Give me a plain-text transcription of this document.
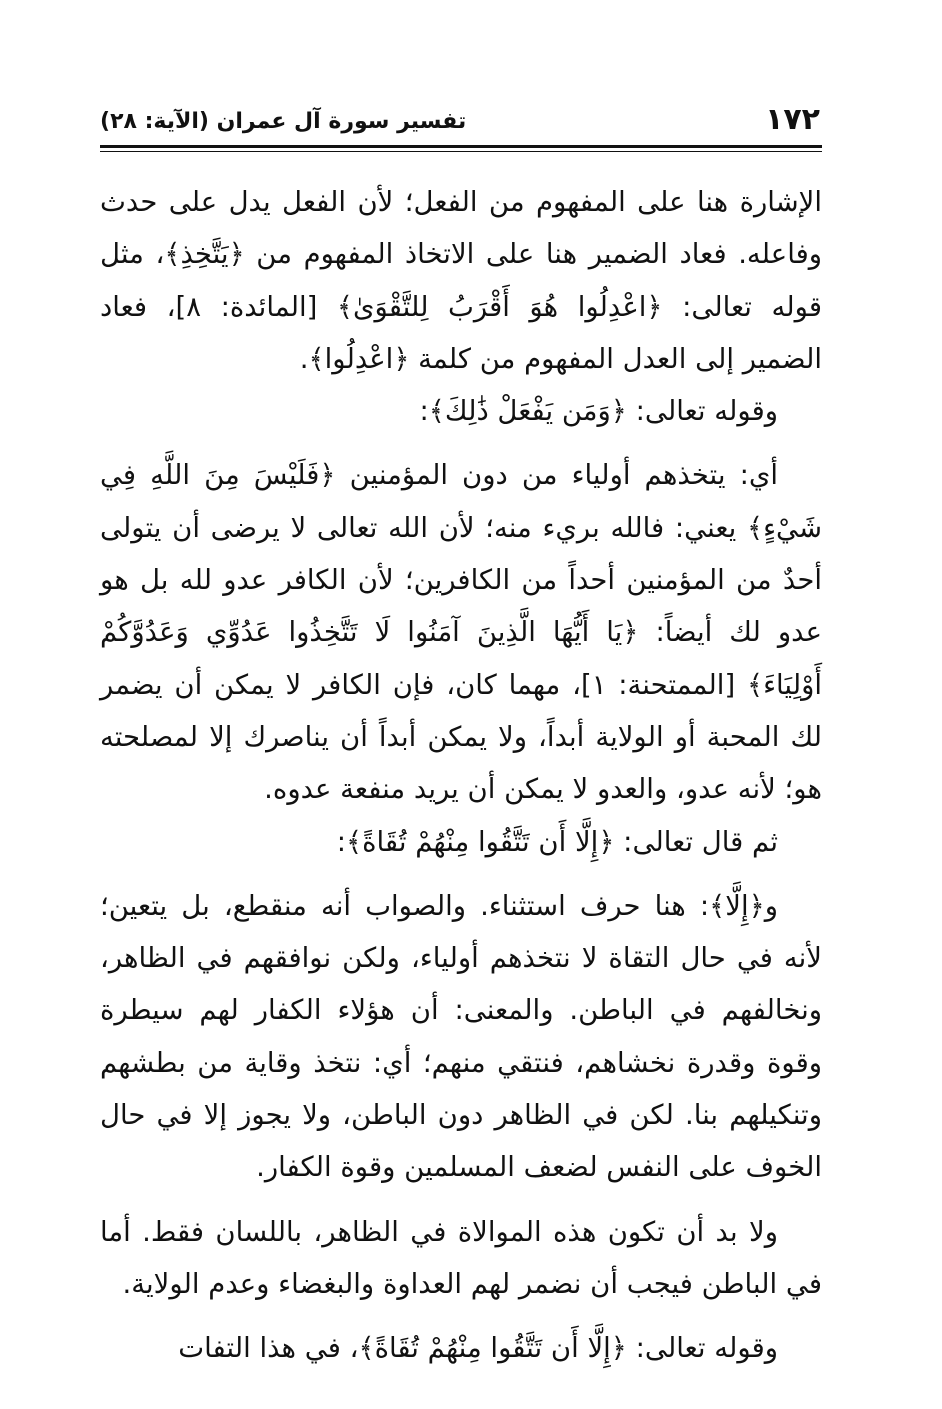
١٧٢
تفسير سورة آل عمران (الآية: ٢٨)

الإشارة هنا على المفهوم من الفعل؛ لأن الفعل يدل على حدث وفاعله. فعاد الضمير هنا على الاتخاذ المفهوم من ﴿يَتَّخِذِ﴾، مثل قوله تعالى: ﴿اعْدِلُوا هُوَ أَقْرَبُ لِلتَّقْوَىٰ﴾ [المائدة: ٨]، فعاد الضمير إلى العدل المفهوم من كلمة ﴿اعْدِلُوا﴾.

وقوله تعالى: ﴿وَمَن يَفْعَلْ ذَٰلِكَ﴾:

أي: يتخذهم أولياء من دون المؤمنين ﴿فَلَيْسَ مِنَ اللَّهِ فِي شَيْءٍ﴾ يعني: فالله بريء منه؛ لأن الله تعالى لا يرضى أن يتولى أحدٌ من المؤمنين أحداً من الكافرين؛ لأن الكافر عدو لله بل هو عدو لك أيضاً: ﴿يَا أَيُّهَا الَّذِينَ آمَنُوا لَا تَتَّخِذُوا عَدُوِّي وَعَدُوَّكُمْ أَوْلِيَاءَ﴾ [الممتحنة: ١]، مهما كان، فإن الكافر لا يمكن أن يضمر لك المحبة أو الولاية أبداً، ولا يمكن أبداً أن يناصرك إلا لمصلحته هو؛ لأنه عدو، والعدو لا يمكن أن يريد منفعة عدوه.

ثم قال تعالى: ﴿إِلَّا أَن تَتَّقُوا مِنْهُمْ تُقَاةً﴾:

و﴿إِلَّا﴾: هنا حرف استثناء. والصواب أنه منقطع، بل يتعين؛ لأنه في حال التقاة لا نتخذهم أولياء، ولكن نوافقهم في الظاهر، ونخالفهم في الباطن. والمعنى: أن هؤلاء الكفار لهم سيطرة وقوة وقدرة نخشاهم، فنتقي منهم؛ أي: نتخذ وقاية من بطشهم وتنكيلهم بنا. لكن في الظاهر دون الباطن، ولا يجوز إلا في حال الخوف على النفس لضعف المسلمين وقوة الكفار.

ولا بد أن تكون هذه الموالاة في الظاهر، باللسان فقط. أما في الباطن فيجب أن نضمر لهم العداوة والبغضاء وعدم الولاية.

وقوله تعالى: ﴿إِلَّا أَن تَتَّقُوا مِنْهُمْ تُقَاةً﴾، في هذا التفات
